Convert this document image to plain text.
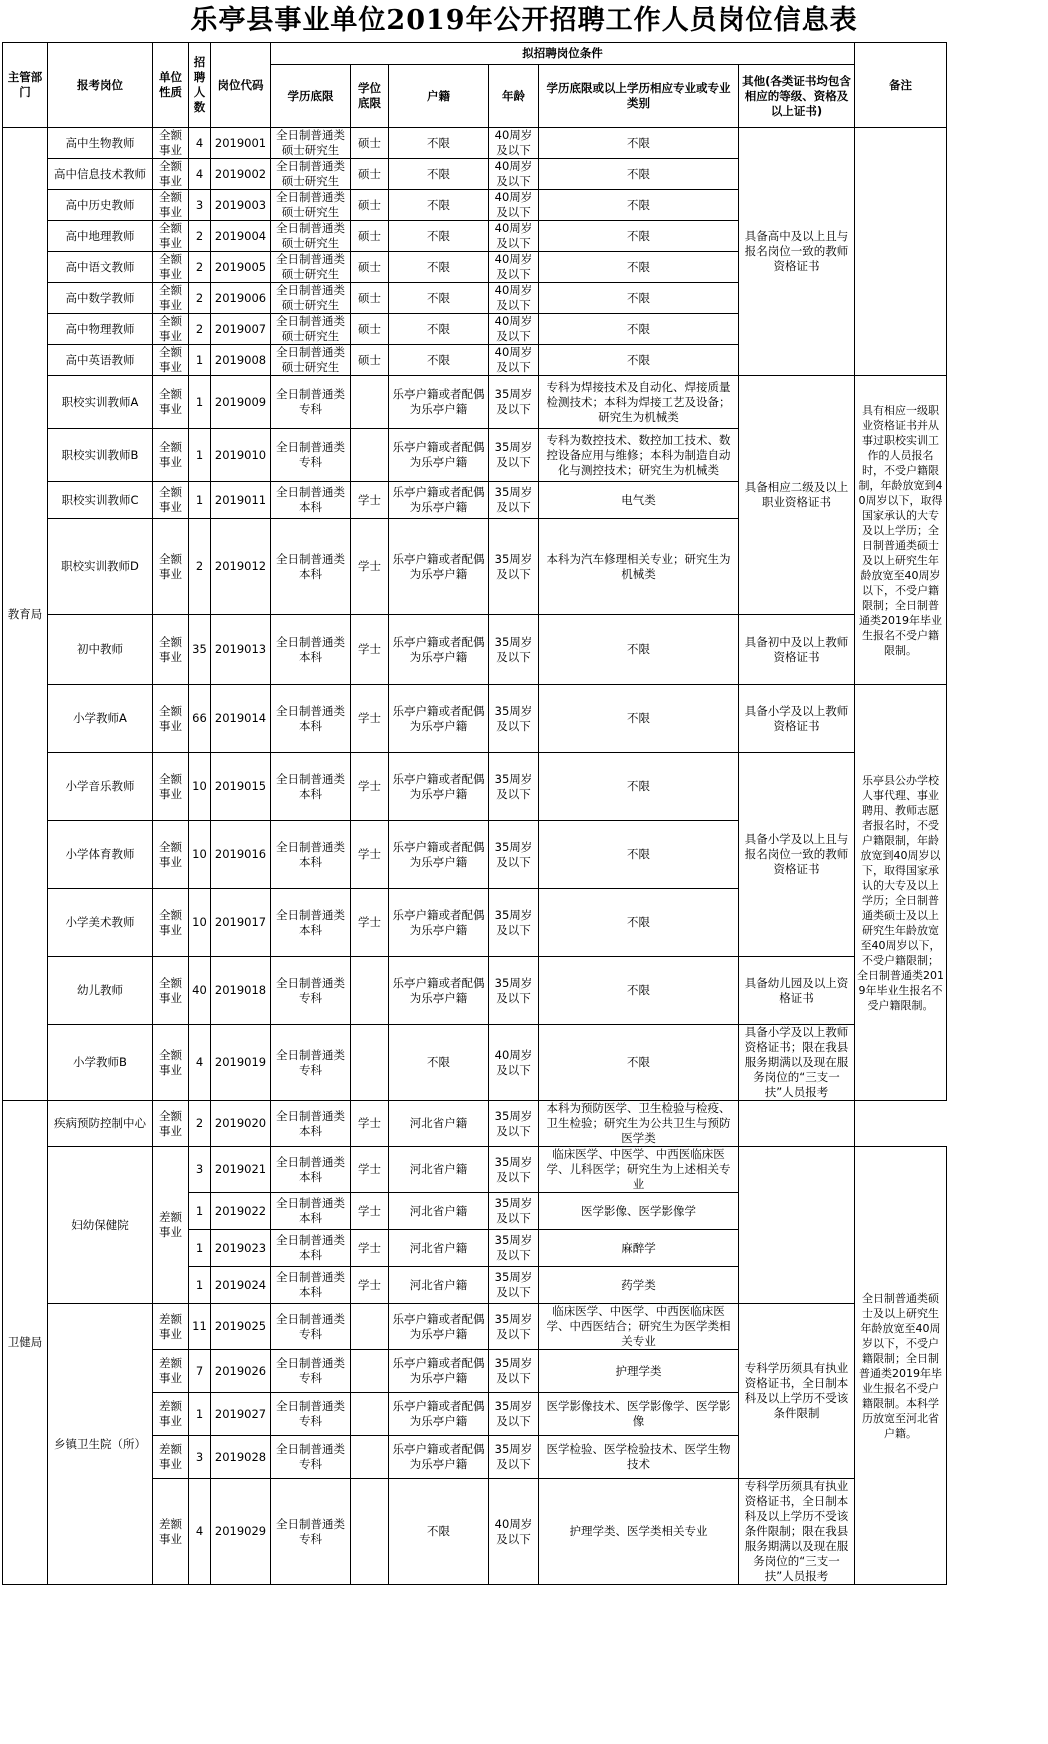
乐亭县事业单位2019年公开招聘工作人员岗位信息表
主管部门	报考岗位	单位性质	招聘人数	岗位代码	拟招聘岗位条件						备注
					学历底限	学位底限	户籍	年龄	学历底限或以上学历相应专业或专业类别	其他(各类证书均包含相应的等级、资格及以上证书)	
教育局	高中生物教师	全额事业	4	2019001	全日制普通类硕士研究生	硕士	不限	40周岁及以下	不限	具备高中及以上且与报名岗位一致的教师资格证书	
	高中信息技术教师	全额事业	4	2019002	全日制普通类硕士研究生	硕士	不限	40周岁及以下	不限		
	高中历史教师	全额事业	3	2019003	全日制普通类硕士研究生	硕士	不限	40周岁及以下	不限		
	高中地理教师	全额事业	2	2019004	全日制普通类硕士研究生	硕士	不限	40周岁及以下	不限		
	高中语文教师	全额事业	2	2019005	全日制普通类硕士研究生	硕士	不限	40周岁及以下	不限		
	高中数学教师	全额事业	2	2019006	全日制普通类硕士研究生	硕士	不限	40周岁及以下	不限		
	高中物理教师	全额事业	2	2019007	全日制普通类硕士研究生	硕士	不限	40周岁及以下	不限		
	高中英语教师	全额事业	1	2019008	全日制普通类硕士研究生	硕士	不限	40周岁及以下	不限		
	职校实训教师A	全额事业	1	2019009	全日制普通类专科		乐亭户籍或者配偶为乐亭户籍	35周岁及以下	专科为焊接技术及自动化、焊接质量检测技术；本科为焊接工艺及设备；研究生为机械类	具备相应二级及以上职业资格证书	具有相应一级职业资格证书并从事过职校实训工作的人员报名时，不受户籍限制，年龄放宽到40周岁以下，取得国家承认的大专及以上学历；全日制普通类硕士及以上研究生年龄放宽至40周岁以下，不受户籍限制；全日制普通类2019年毕业生报名不受户籍限制。
	职校实训教师B	全额事业	1	2019010	全日制普通类专科		乐亭户籍或者配偶为乐亭户籍	35周岁及以下	专科为数控技术、数控加工技术、数控设备应用与维修；本科为制造自动化与测控技术；研究生为机械类		
	职校实训教师C	全额事业	1	2019011	全日制普通类本科	学士	乐亭户籍或者配偶为乐亭户籍	35周岁及以下	电气类		
	职校实训教师D	全额事业	2	2019012	全日制普通类本科	学士	乐亭户籍或者配偶为乐亭户籍	35周岁及以下	本科为汽车修理相关专业；研究生为机械类		
	初中教师	全额事业	35	2019013	全日制普通类本科	学士	乐亭户籍或者配偶为乐亭户籍	35周岁及以下	不限	具备初中及以上教师资格证书	
	小学教师A	全额事业	66	2019014	全日制普通类本科	学士	乐亭户籍或者配偶为乐亭户籍	35周岁及以下	不限	具备小学及以上教师资格证书	乐亭县公办学校人事代理、事业聘用、教师志愿者报名时，不受户籍限制，年龄放宽到40周岁以下，取得国家承认的大专及以上学历；全日制普通类硕士及以上研究生年龄放宽至40周岁以下，不受户籍限制；全日制普通类2019年毕业生报名不受户籍限制。
	小学音乐教师	全额事业	10	2019015	全日制普通类本科	学士	乐亭户籍或者配偶为乐亭户籍	35周岁及以下	不限	具备小学及以上且与报名岗位一致的教师资格证书	
	小学体育教师	全额事业	10	2019016	全日制普通类本科	学士	乐亭户籍或者配偶为乐亭户籍	35周岁及以下	不限		
	小学美术教师	全额事业	10	2019017	全日制普通类本科	学士	乐亭户籍或者配偶为乐亭户籍	35周岁及以下	不限		
	幼儿教师	全额事业	40	2019018	全日制普通类专科		乐亭户籍或者配偶为乐亭户籍	35周岁及以下	不限	具备幼儿园及以上资格证书	
	小学教师B	全额事业	4	2019019	全日制普通类专科		不限	40周岁及以下	不限	具备小学及以上教师资格证书；限在我县服务期满以及现在服务岗位的“三支一扶”人员报考	
卫健局	疾病预防控制中心	全额事业	2	2019020	全日制普通类本科	学士	河北省户籍	35周岁及以下	本科为预防医学、卫生检验与检疫、卫生检验；研究生为公共卫生与预防医学类		
	妇幼保健院	差额事业	3	2019021	全日制普通类本科	学士	河北省户籍	35周岁及以下	临床医学、中医学、中西医临床医学、儿科医学；研究生为上述相关专业		全日制普通类硕士及以上研究生年龄放宽至40周岁以下，不受户籍限制；全日制普通类2019年毕业生报名不受户籍限制。本科学历放宽至河北省户籍。
			1	2019022	全日制普通类本科	学士	河北省户籍	35周岁及以下	医学影像、医学影像学		
			1	2019023	全日制普通类本科	学士	河北省户籍	35周岁及以下	麻醉学		
			1	2019024	全日制普通类本科	学士	河北省户籍	35周岁及以下	药学类		
	乡镇卫生院（所）	差额事业	11	2019025	全日制普通类专科		乐亭户籍或者配偶为乐亭户籍	35周岁及以下	临床医学、中医学、中西医临床医学、中西医结合；研究生为医学类相关专业	专科学历须具有执业资格证书，全日制本科及以上学历不受该条件限制	
		差额事业	7	2019026	全日制普通类专科		乐亭户籍或者配偶为乐亭户籍	35周岁及以下	护理学类		
		差额事业	1	2019027	全日制普通类专科		乐亭户籍或者配偶为乐亭户籍	35周岁及以下	医学影像技术、医学影像学、医学影像		
		差额事业	3	2019028	全日制普通类专科		乐亭户籍或者配偶为乐亭户籍	35周岁及以下	医学检验、医学检验技术、医学生物技术		
		差额事业	4	2019029	全日制普通类专科		不限	40周岁及以下	护理学类、医学类相关专业	专科学历须具有执业资格证书，全日制本科及以上学历不受该条件限制；限在我县服务期满以及现在服务岗位的“三支一扶”人员报考	
